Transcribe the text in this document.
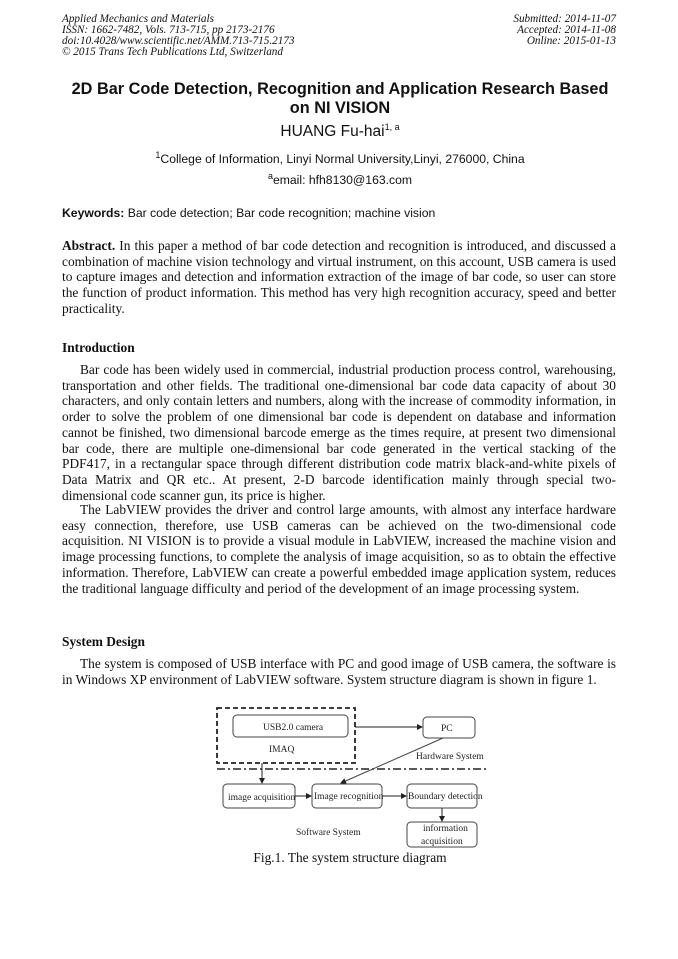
Applied Mechanics and Materials
ISSN: 1662-7482, Vols. 713-715, pp 2173-2176
doi:10.4028/www.scientific.net/AMM.713-715.2173
© 2015 Trans Tech Publications Ltd, Switzerland
Submitted: 2014-11-07
Accepted: 2014-11-08
Online: 2015-01-13
2D Bar Code Detection, Recognition and Application Research Based on NI VISION
HUANG Fu-hai$^{1, a}$
$^1$College of Information, Linyi Normal University,Linyi, 276000, China
$^a$email: hfh8130@163.com
Keywords: Bar code detection; Bar code recognition; machine vision
Abstract. In this paper a method of bar code detection and recognition is introduced, and discussed a combination of machine vision technology and virtual instrument, on this account, USB camera is used to capture images and detection and information extraction of the image of bar code, so user can store the function of product information. This method has very high recognition accuracy, speed and better practicality.
Introduction
Bar code has been widely used in commercial, industrial production process control, warehousing, transportation and other fields. The traditional one-dimensional bar code data capacity of about 30 characters, and only contain letters and numbers, along with the increase of commodity information, in order to solve the problem of one dimensional bar code is dependent on database and information cannot be finished, two dimensional barcode emerge as the times require, at present two dimensional bar code, there are multiple one-dimensional bar code generated in the vertical stacking of the PDF417, in a rectangular space through different distribution code matrix black-and-white pixels of Data Matrix and QR etc.. At present, 2-D barcode identification mainly through special two-dimensional code scanner gun, its price is higher.
The LabVIEW provides the driver and control large amounts, with almost any interface hardware easy connection, therefore, use USB cameras can be achieved on the two-dimensional code acquisition. NI VISION is to provide a visual module in LabVIEW, increased the machine vision and image processing functions, to complete the analysis of image acquisition, so as to obtain the effective information. Therefore, LabVIEW can create a powerful embedded image application system, reduces the traditional language difficulty and period of the development of an image processing system.
System Design
The system is composed of USB interface with PC and good image of USB camera, the software is in Windows XP environment of LabVIEW software. System structure diagram is shown in figure 1.
USB2.0 camera
IMAQ
PC
Hardware System
image acquisition Image recognition	Boundary detection
information
acquisition
Software System
Fig.1. The system structure diagram
